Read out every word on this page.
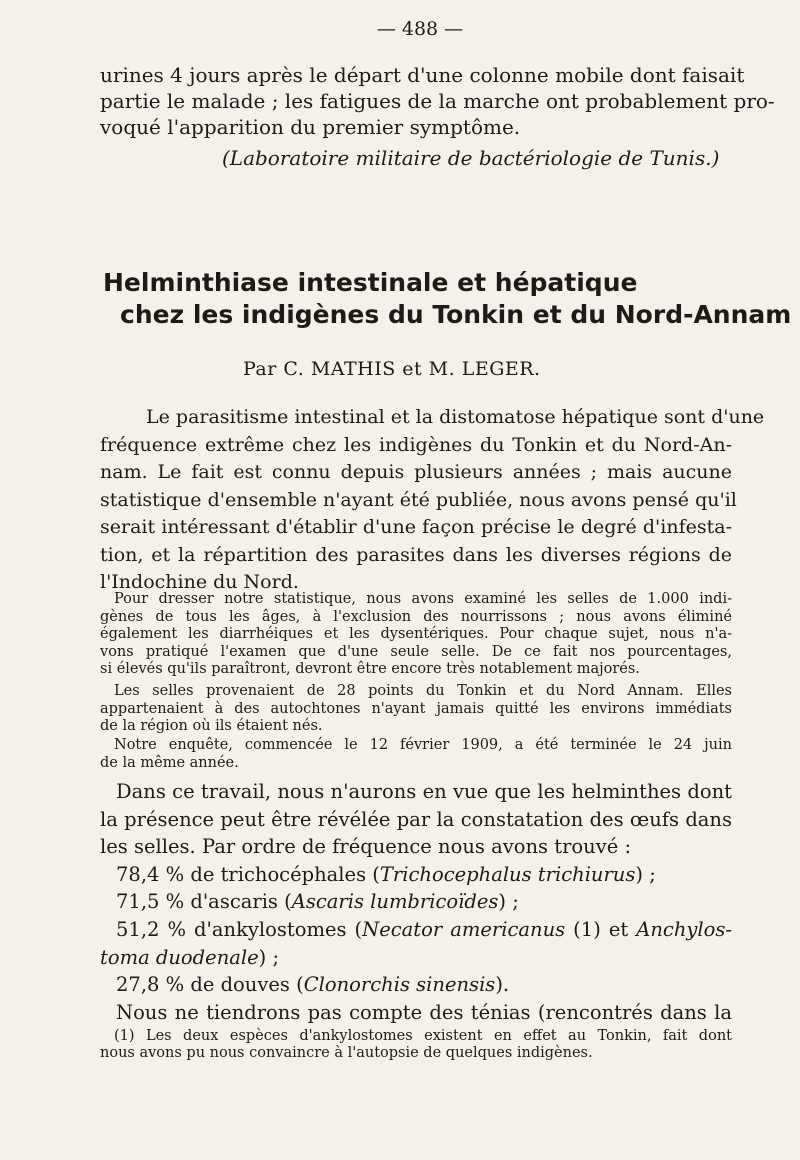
— 488 —
urines 4 jours après le départ d'une colonne mobile dont faisait
partie le malade ; les fatigues de la marche ont probablement pro-
voqué l'apparition du premier symptôme.
(Laboratoire militaire de bactériologie de Tunis.)
Helminthiase intestinale et hépatique
chez les indigènes du Tonkin et du Nord-Annam
Par C. MATHIS et M. LEGER.
Le parasitisme intestinal et la distomatose hépatique sont d'une
fréquence extrême chez les indigènes du Tonkin et du Nord-An-
nam. Le fait est connu depuis plusieurs années ; mais aucune
statistique d'ensemble n'ayant été publiée, nous avons pensé qu'il
serait intéressant d'établir d'une façon précise le degré d'infesta-
tion, et la répartition des parasites dans les diverses régions de
l'Indochine du Nord.
Pour dresser notre statistique, nous avons examiné les selles de 1.000 indi-
gènes de tous les âges, à l'exclusion des nourrissons ; nous avons éliminé
également les diarrhéiques et les dysentériques. Pour chaque sujet, nous n'a-
vons pratiqué l'examen que d'une seule selle. De ce fait nos pourcentages,
si élevés qu'ils paraîtront, devront être encore très notablement majorés.
Les selles provenaient de 28 points du Tonkin et du Nord Annam. Elles
appartenaient à des autochtones n'ayant jamais quitté les environs immédiats
de la région où ils étaient nés.
Notre enquête, commencée le 12 février 1909, a été terminée le 24 juin
de la même année.
Dans ce travail, nous n'aurons en vue que les helminthes dont
la présence peut être révélée par la constatation des œufs dans
les selles. Par ordre de fréquence nous avons trouvé :
78,4 % de trichocéphales (Trichocephalus trichiurus) ;
71,5 % d'ascaris (Ascaris lumbricoïdes) ;
51,2 % d'ankylostomes (Necator americanus (1) et Anchylos-
toma duodenale) ;
27,8 % de douves (Clonorchis sinensis).
Nous ne tiendrons pas compte des ténias (rencontrés dans la
(1) Les deux espèces d'ankylostomes existent en effet au Tonkin, fait dont
nous avons pu nous convaincre à l'autopsie de quelques indigènes.
